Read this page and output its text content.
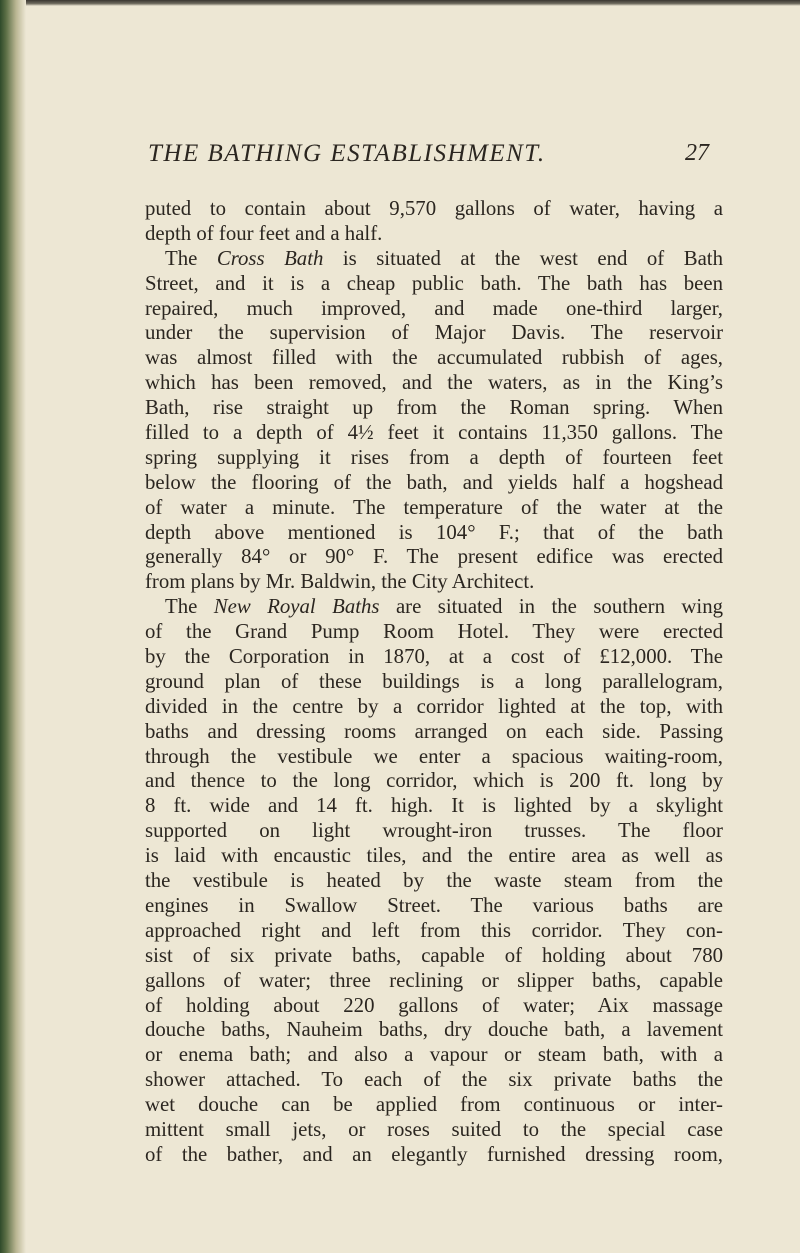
THE BATHING ESTABLISHMENT.	27
puted to contain about 9,570 gallons of water, having a
depth of four feet and a half.
The Cross Bath is situated at the west end of Bath
Street, and it is a cheap public bath. The bath has been
repaired, much improved, and made one-third larger,
under the supervision of Major Davis. The reservoir
was almost filled with the accumulated rubbish of ages,
which has been removed, and the waters, as in the King’s
Bath, rise straight up from the Roman spring. When
filled to a depth of 4½ feet it contains 11,350 gallons. The
spring supplying it rises from a depth of fourteen feet
below the flooring of the bath, and yields half a hogshead
of water a minute. The temperature of the water at the
depth above mentioned is 104° F.; that of the bath
generally 84° or 90° F. The present edifice was erected
from plans by Mr. Baldwin, the City Architect.
The New Royal Baths are situated in the southern wing
of the Grand Pump Room Hotel. They were erected
by the Corporation in 1870, at a cost of £12,000. The
ground plan of these buildings is a long parallelogram,
divided in the centre by a corridor lighted at the top, with
baths and dressing rooms arranged on each side. Passing
through the vestibule we enter a spacious waiting-room,
and thence to the long corridor, which is 200 ft. long by
8 ft. wide and 14 ft. high. It is lighted by a skylight
supported on light wrought-iron trusses. The floor
is laid with encaustic tiles, and the entire area as well as
the vestibule is heated by the waste steam from the
engines in Swallow Street. The various baths are
approached right and left from this corridor. They con-
sist of six private baths, capable of holding about 780
gallons of water; three reclining or slipper baths, capable
of holding about 220 gallons of water; Aix massage
douche baths, Nauheim baths, dry douche bath, a lavement
or enema bath; and also a vapour or steam bath, with a
shower attached. To each of the six private baths the
wet douche can be applied from continuous or inter-
mittent small jets, or roses suited to the special case
of the bather, and an elegantly furnished dressing room,
